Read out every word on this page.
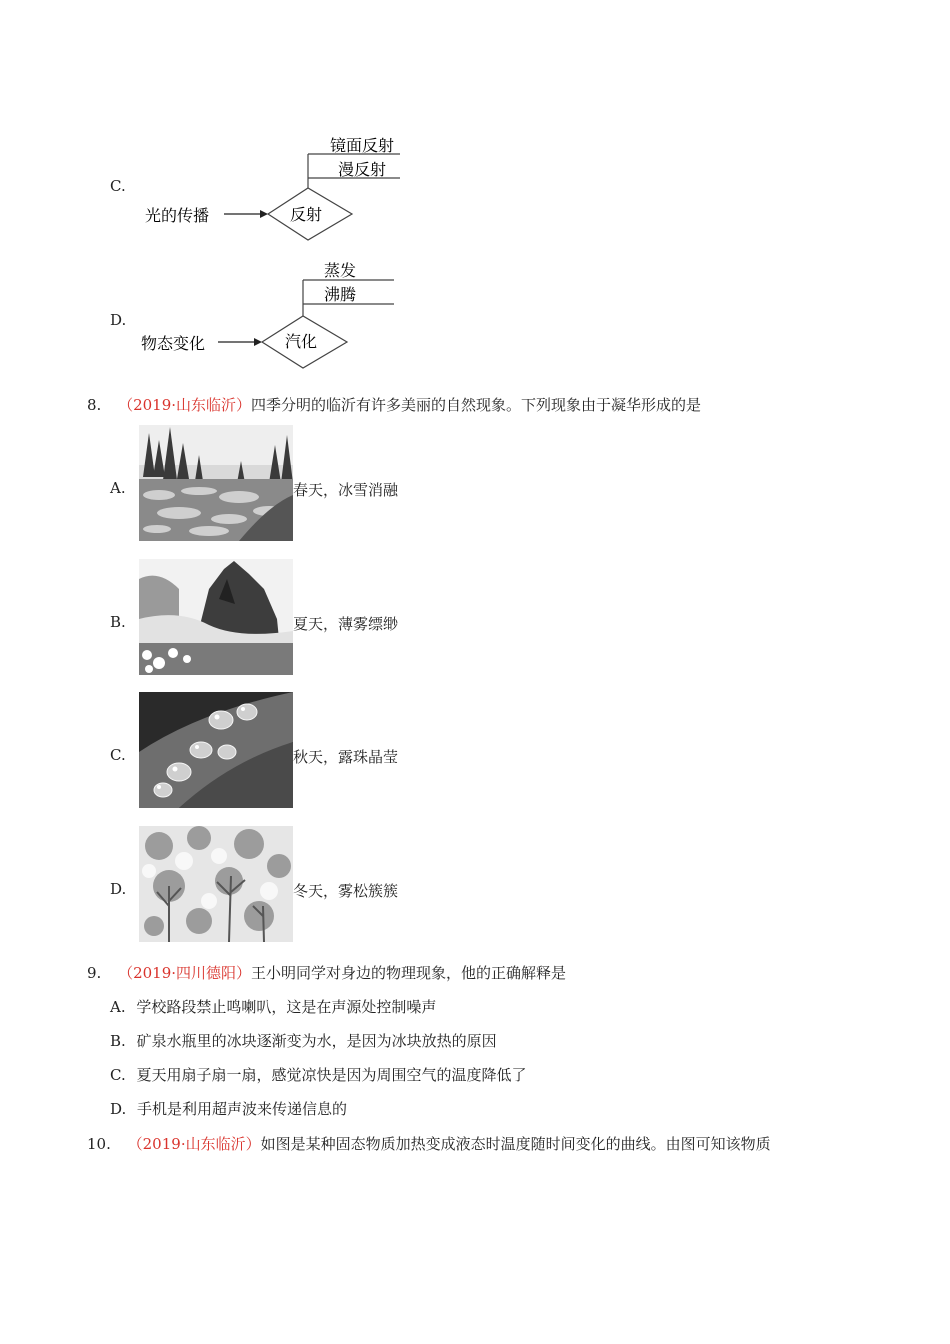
C.
光的传播	反射
镜面反射
漫反射
D.
物态变化	汽化
蒸发
沸腾
8. （2019·山东临沂）四季分明的临沂有许多美丽的自然现象。下列现象由于凝华形成的是
A.	春天，冰雪消融
B.	夏天，薄雾缥缈
C.	秋天，露珠晶莹
D.	冬天，雾松簇簇
9. （2019·四川德阳）王小明同学对身边的物理现象，他的正确解释是
A. 学校路段禁止鸣喇叭，这是在声源处控制噪声
B. 矿泉水瓶里的冰块逐渐变为水，是因为冰块放热的原因
C. 夏天用扇子扇一扇，感觉凉快是因为周围空气的温度降低了
D. 手机是利用超声波来传递信息的
10. （2019·山东临沂）如图是某种固态物质加热变成液态时温度随时间变化的曲线。由图可知该物质
